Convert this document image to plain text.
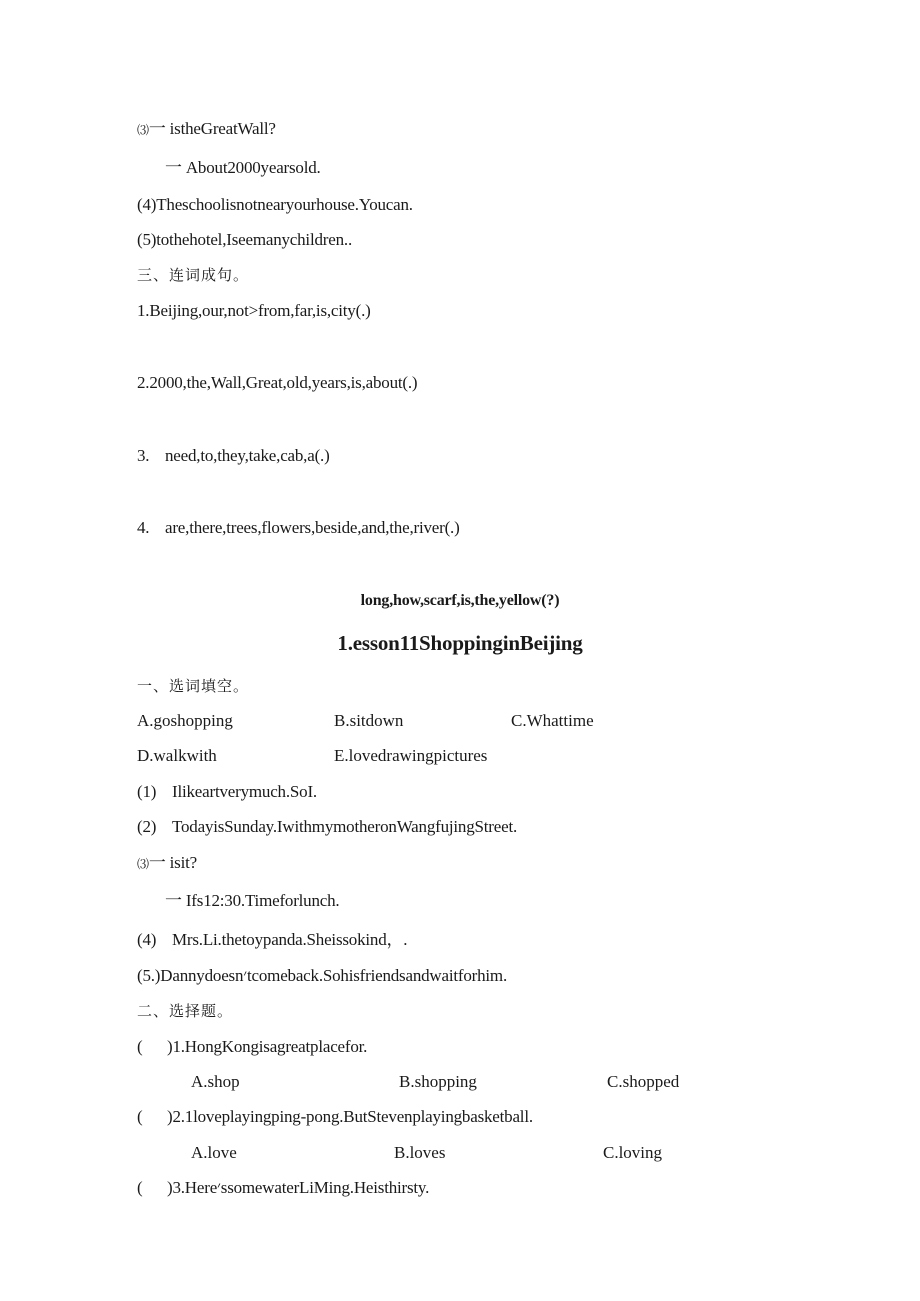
⑶一 istheGreatWall?
一 About2000yearsold.
(4)Theschoolisnotnearyourhouse.Youcan.
(5)tothehotel,Iseemanychildren..
三、连词成句。
1.Beijing,our,not>from,far,is,city(.)
2.2000,the,Wall,Great,old,years,is,about(.)
3. need,to,they,take,cab,a(.)
4. are,there,trees,flowers,beside,and,the,river(.)
long,how,scarf,is,the,yellow(?)
1.esson11ShoppinginBeijing
一、选词填空。
A.goshopping	B.sitdown	C.Whattime
D.walkwith	E.lovedrawingpictures
(1) Ilikeartverymuch.SoI.
(2) TodayisSunday.IwithmymotheronWangfujingStreet.
⑶一 isit?
一 Ifs12:30.Timeforlunch.
(4) Mrs.Li.thetoypanda.Sheissokind，.
(5.)Dannydoesn׳tcomeback.Sohisfriendsandwaitforhim.
二、选择题。
( )1.HongKongisagreatplacefor.
A.shop	B.shopping	C.shopped
( )2.1loveplayingping-pong.ButStevenplayingbasketball.
A.love	B.loves	C.loving
( )3.Here׳ssomewaterLiMing.Heisthirsty.
